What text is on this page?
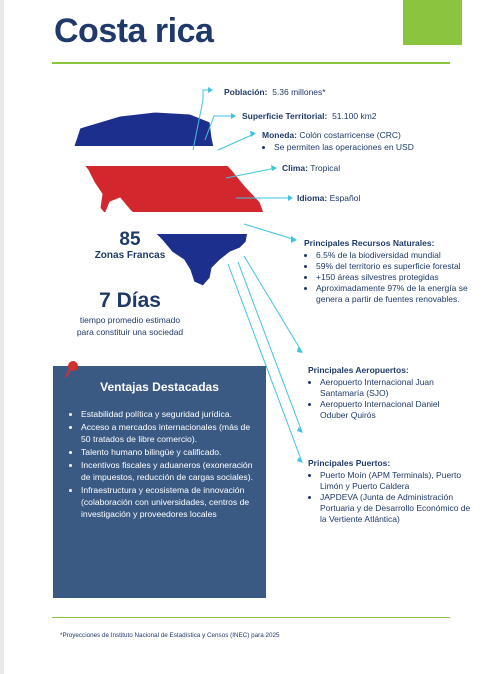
Costa rica
Población: 5.36 millones*
Superficie Territorial: 51.100 km2
Moneda: Colón costarricense (CRC)
• Se permiten las operaciones en USD
Clima: Tropical
Idioma: Español
Principales Recursos Naturales:
• 6.5% de la biodiversidad mundial
• 59% del territorio es superficie forestal
• +150 áreas silvestres protegidas
• Aproximadamente 97% de la energía se genera a partir de fuentes renovables.
Principales Aeropuertos:
• Aeropuerto Internacional Juan Santamaría (SJO)
• Aeropuerto Internacional Daniel Oduber Quirós
Principales Puertos:
• Puerto Moín (APM Terminals), Puerto Limón y Puerto Caldera
• JAPDEVA (Junta de Administración Portuaria y de Desarrollo Económico de la Vertiente Atlántica)
85
Zonas Francas
7 Días
tiempo promedio estimado
para constituir una sociedad
Ventajas Destacadas
• Estabilidad política y seguridad jurídica.
• Acceso a mercados internacionales (más de 50 tratados de libre comercio).
• Talento humano bilingüe y calificado.
• Incentivos fiscales y aduaneros (exoneración de impuestos, reducción de cargas sociales).
• Infraestructura y ecosistema de innovación (colaboración con universidades, centros de investigación y proveedores locales
*Proyecciones de Instituto Nacional de Estadística y Censos (INEC) para 2025
